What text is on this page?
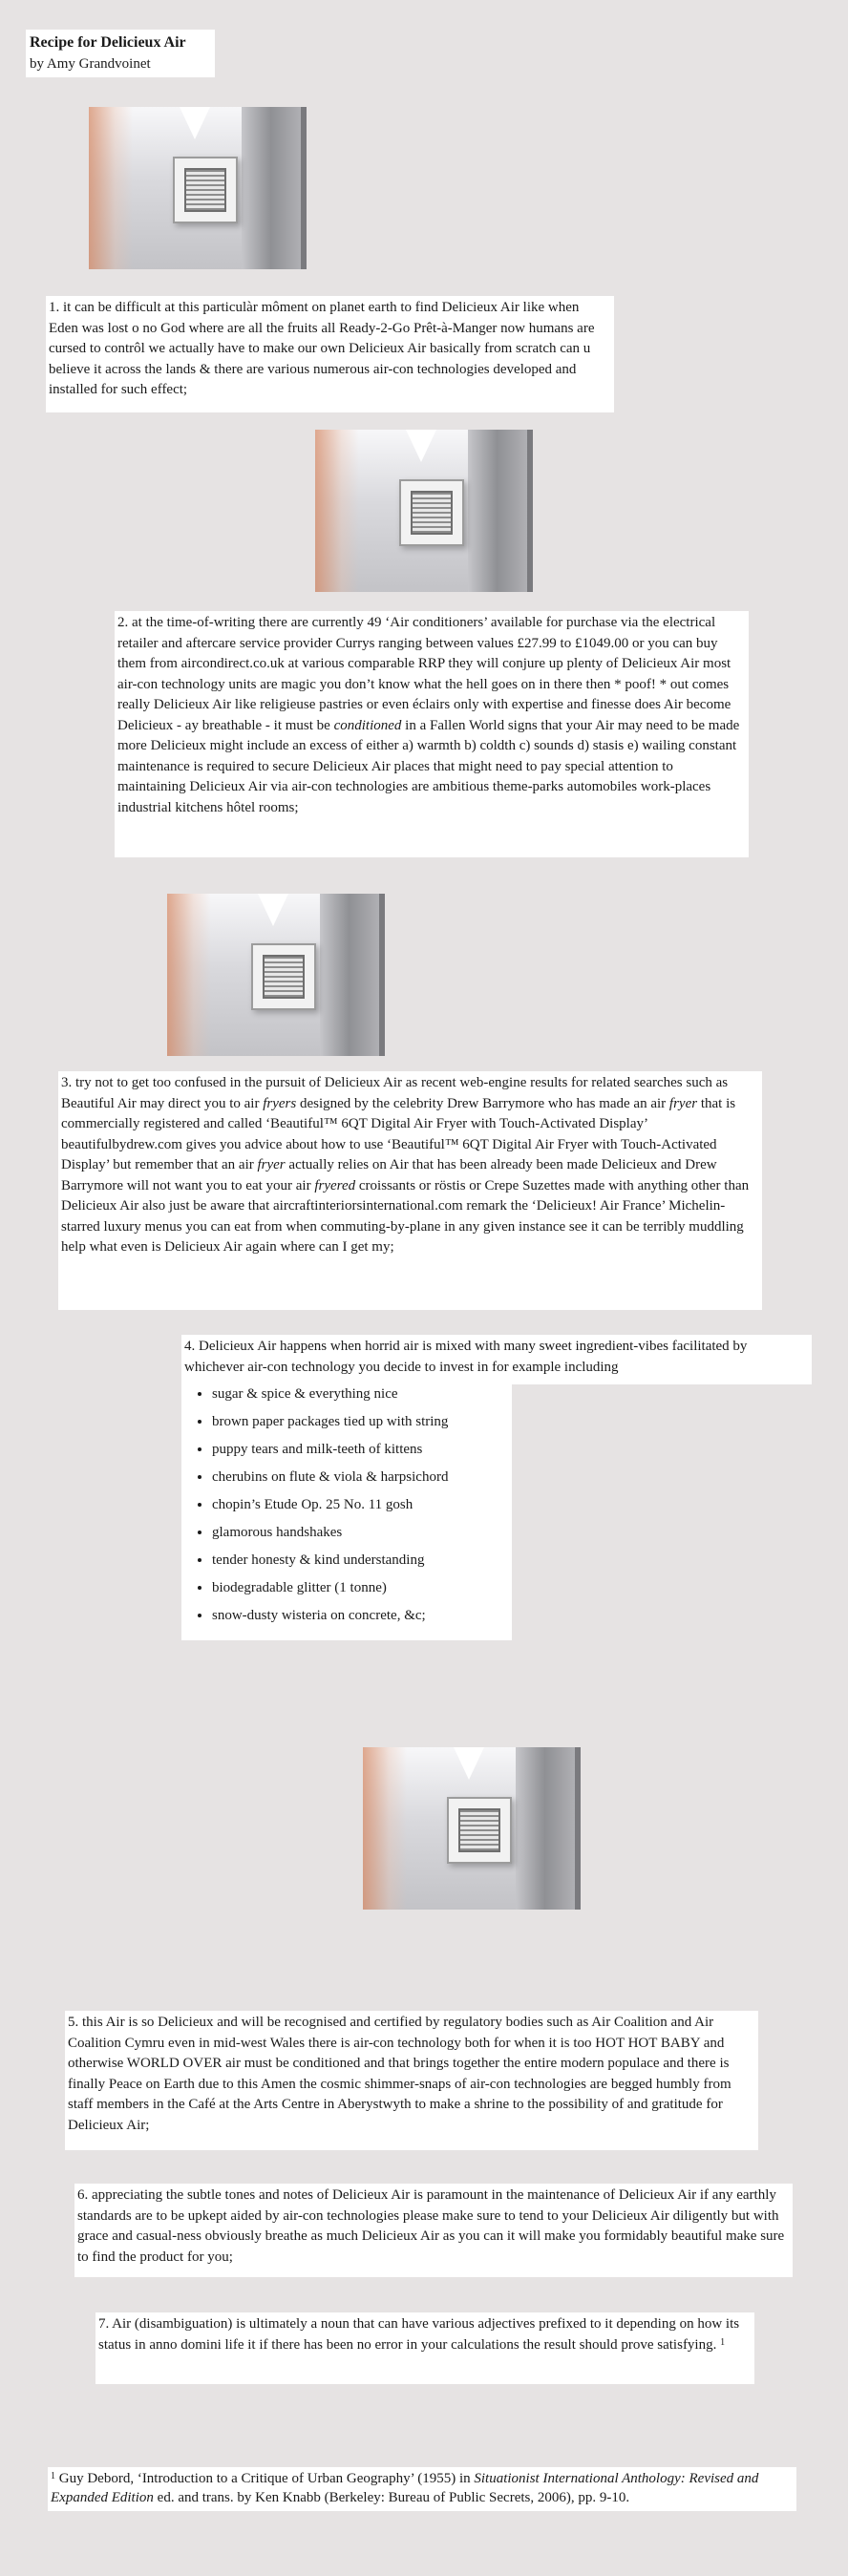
Recipe for Delicieux Air
by Amy Grandvoinet

1. it can be difficult at this particulàr môment on planet earth to find Delicieux Air like when Eden was lost o no God where are all the fruits all Ready-2-Go Prêt-à-Manger now humans are cursed to contrôl we actually have to make our own Delicieux Air basically from scratch can u believe it across the lands & there are various numerous air-con technologies developed and installed for such effect;

2. at the time-of-writing there are currently 49 ‘Air conditioners’ available for purchase via the electrical retailer and aftercare service provider Currys ranging between values £27.99 to £1049.00 or you can buy them from aircondirect.co.uk at various comparable RRP they will conjure up plenty of Delicieux Air most air-con technology units are magic you don’t know what the hell goes on in there then * poof! * out comes really Delicieux Air like religieuse pastries or even éclairs only with expertise and finesse does Air become Delicieux - ay breathable - it must be conditioned in a Fallen World signs that your Air may need to be made more Delicieux might include an excess of either a) warmth b) coldth c) sounds d) stasis e) wailing constant maintenance is required to secure Delicieux Air places that might need to pay special attention to maintaining Delicieux Air via air-con technologies are ambitious theme-parks automobiles work-places industrial kitchens hôtel rooms;

3. try not to get too confused in the pursuit of Delicieux Air as recent web-engine results for related searches such as Beautiful Air may direct you to air fryers designed by the celebrity Drew Barrymore who has made an air fryer that is commercially registered and called ‘Beautiful™ 6QT Digital Air Fryer with Touch-Activated Display’ beautifulbydrew.com gives you advice about how to use ‘Beautiful™ 6QT Digital Air Fryer with Touch-Activated Display’ but remember that an air fryer actually relies on Air that has been already been made Delicieux and Drew Barrymore will not want you to eat your air fryered croissants or röstis or Crepe Suzettes made with anything other than Delicieux Air also just be aware that aircraftinteriorsinternational.com remark the ‘Delicieux! Air France’ Michelin-starred luxury menus you can eat from when commuting-by-plane in any given instance see it can be terribly muddling help what even is Delicieux Air again where can I get my;

4. Delicieux Air happens when horrid air is mixed with many sweet ingredient-vibes facilitated by whichever air-con technology you decide to invest in for example including

• sugar & spice & everything nice
• brown paper packages tied up with string
• puppy tears and milk-teeth of kittens
• cherubins on flute & viola & harpsichord
• chopin’s Etude Op. 25 No. 11 gosh
• glamorous handshakes
• tender honesty & kind understanding
• biodegradable glitter (1 tonne)
• snow-dusty wisteria on concrete, &c;

5. this Air is so Delicieux and will be recognised and certified by regulatory bodies such as Air Coalition and Air Coalition Cymru even in mid-west Wales there is air-con technology both for when it is too HOT HOT BABY and otherwise WORLD OVER air must be conditioned and that brings together the entire modern populace and there is finally Peace on Earth due to this Amen the cosmic shimmer-snaps of air-con technologies are begged humbly from staff members in the Café at the Arts Centre in Aberystwyth to make a shrine to the possibility of and gratitude for Delicieux Air;

6. appreciating the subtle tones and notes of Delicieux Air is paramount in the maintenance of Delicieux Air if any earthly standards are to be upkept aided by air-con technologies please make sure to tend to your Delicieux Air diligently but with grace and casual-ness obviously breathe as much Delicieux Air as you can it will make you formidably beautiful make sure to find the product for you;

7. Air (disambiguation) is ultimately a noun that can have various adjectives prefixed to it depending on how its status in anno domini life it if there has been no error in your calculations the result should prove satisfying. $^1$

$^1$ Guy Debord, ‘Introduction to a Critique of Urban Geography’ (1955) in Situationist International Anthology: Revised and Expanded Edition ed. and trans. by Ken Knabb (Berkeley: Bureau of Public Secrets, 2006), pp. 9-10.
